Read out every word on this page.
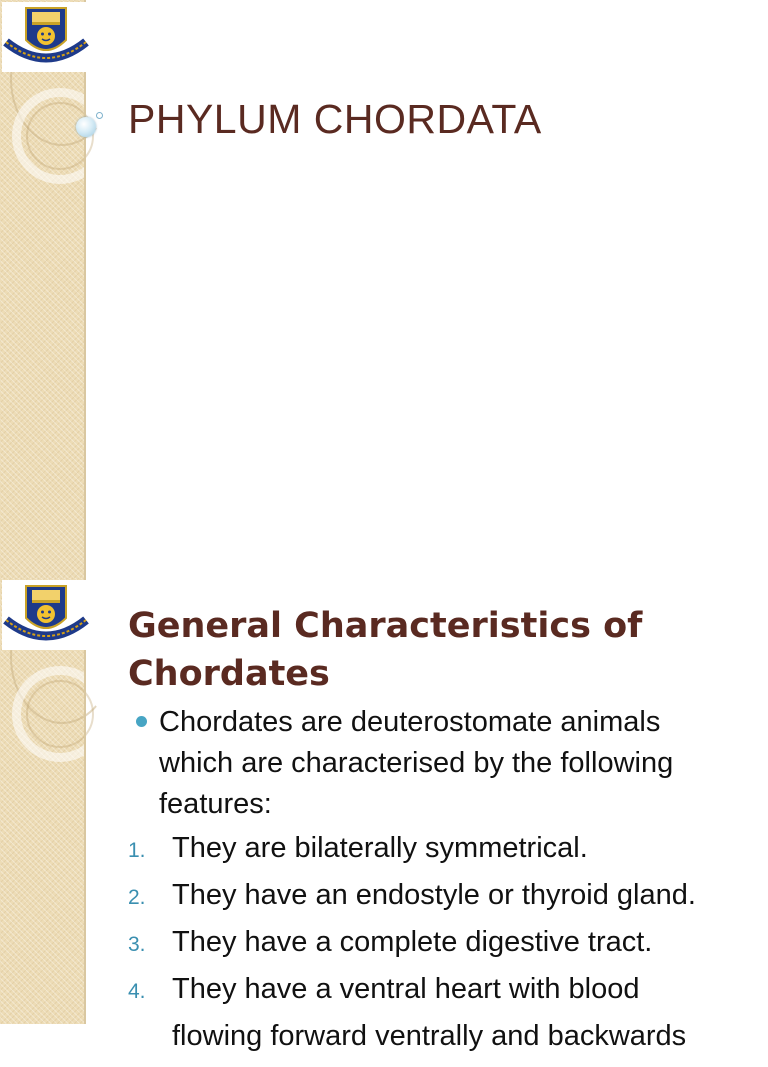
PHYLUM CHORDATA
General Characteristics of Chordates

Chordates are deuterostomate animals which are characterised by the following features:

1. They are bilaterally symmetrical.
2. They have an endostyle or thyroid gland.
3. They have a complete digestive tract.
4. They have a ventral heart with blood
flowing forward ventrally and backwards
